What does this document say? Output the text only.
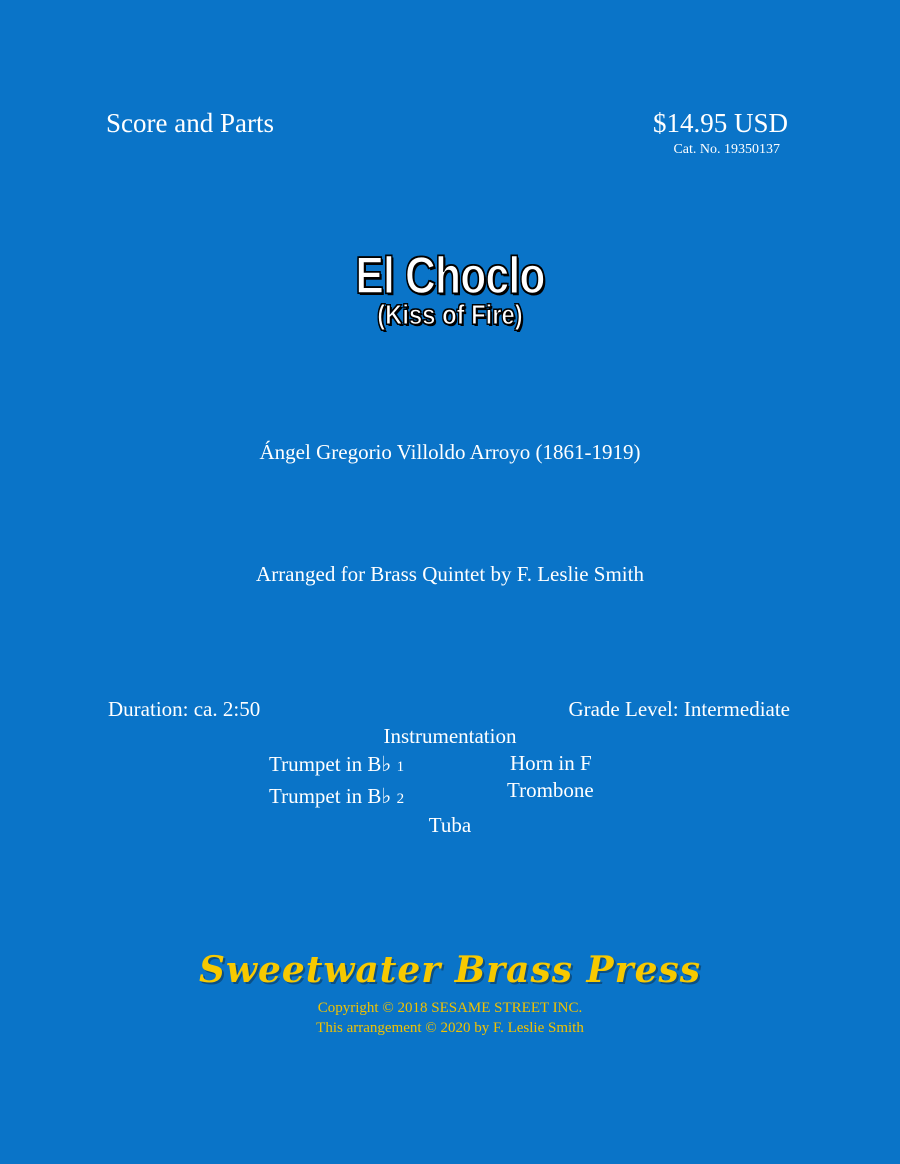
Score and Parts	$14.95 USD
Cat. No. 19350137
El Choclo
(Kiss of Fire)
Ángel Gregorio Villoldo Arroyo (1861-1919)
Arranged for Brass Quintet by F. Leslie Smith
Duration: ca. 2:50	Grade Level: Intermediate
Instrumentation
Trumpet in B♭ 1
Trumpet in B♭ 2
Horn in F
Trombone
Tuba
Sweetwater Brass Press
Copyright © 2018 SESAME STREET INC.
This arrangement © 2020 by F. Leslie Smith
